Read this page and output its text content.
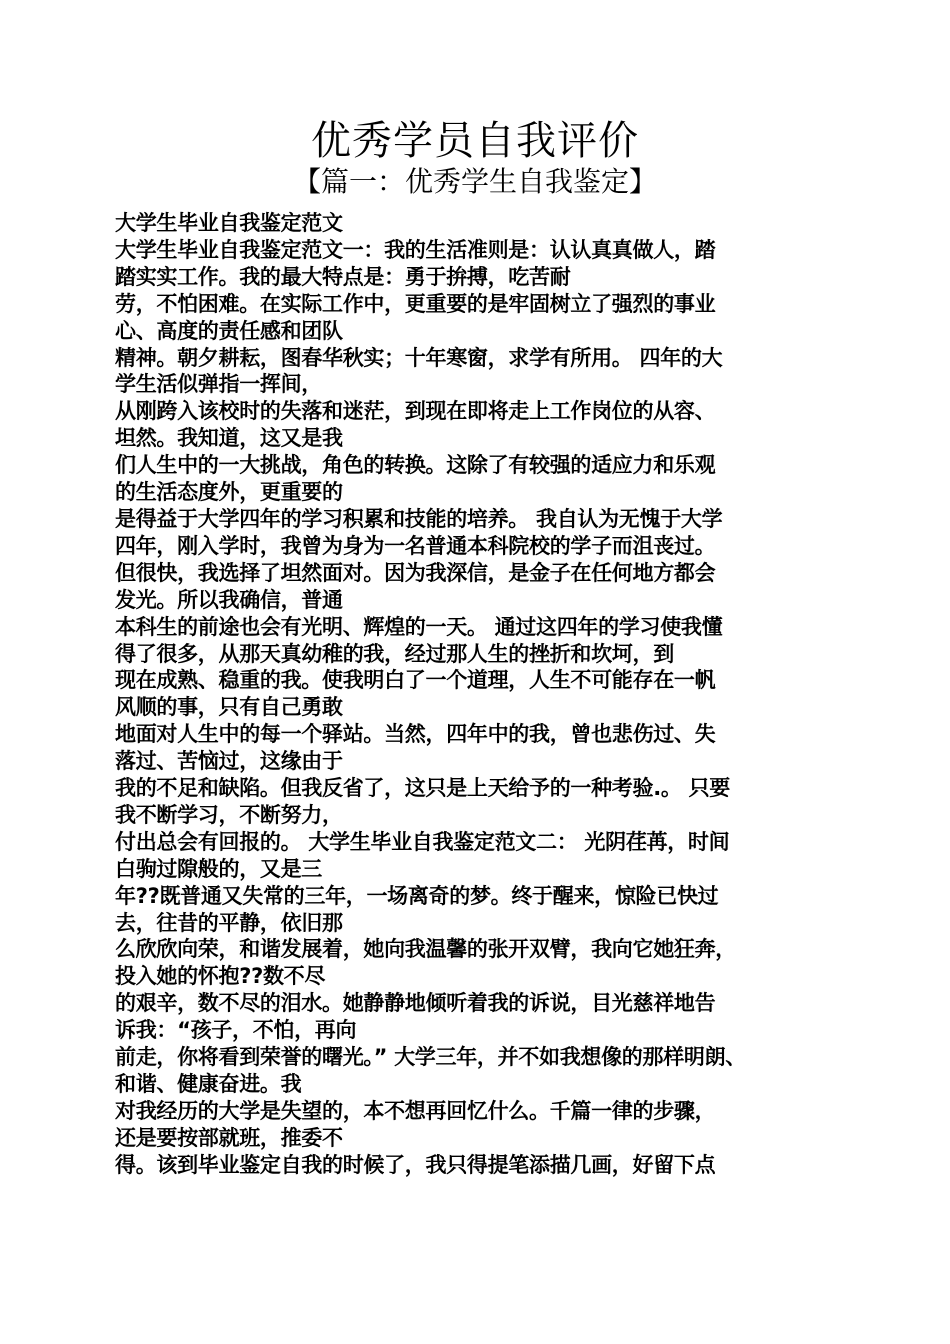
优秀学员自我评价
【篇一：优秀学生自我鉴定】
大学生毕业自我鉴定范文
大学生毕业自我鉴定范文一：我的生活准则是：认认真真做人，踏
踏实实工作。我的最大特点是：勇于拚搏，吃苦耐
劳，不怕困难。在实际工作中，更重要的是牢固树立了强烈的事业
心、高度的责任感和团队
精神。朝夕耕耘，图春华秋实；十年寒窗，求学有所用。 四年的大
学生活似弹指一挥间，
从刚跨入该校时的失落和迷茫，到现在即将走上工作岗位的从容、
坦然。我知道，这又是我
们人生中的一大挑战，角色的转换。这除了有较强的适应力和乐观
的生活态度外，更重要的
是得益于大学四年的学习积累和技能的培养。 我自认为无愧于大学
四年，刚入学时，我曾为身为一名普通本科院校的学子而沮丧过。
但很快，我选择了坦然面对。因为我深信，是金子在任何地方都会
发光。所以我确信，普通
本科生的前途也会有光明、辉煌的一天。 通过这四年的学习使我懂
得了很多，从那天真幼稚的我，经过那人生的挫折和坎坷，到
现在成熟、稳重的我。使我明白了一个道理，人生不可能存在一帆
风顺的事，只有自己勇敢
地面对人生中的每一个驿站。当然，四年中的我，曾也悲伤过、失
落过、苦恼过，这缘由于
我的不足和缺陷。但我反省了，这只是上天给予的一种考验.。 只要
我不断学习，不断努力，
付出总会有回报的。 大学生毕业自我鉴定范文二： 光阴荏苒，时间
白驹过隙般的，又是三
年??既普通又失常的三年，一场离奇的梦。终于醒来，惊险已快过
去，往昔的平静，依旧那
么欣欣向荣，和谐发展着，她向我温馨的张开双臂，我向它她狂奔，
投入她的怀抱??数不尽
的艰辛，数不尽的泪水。她静静地倾听着我的诉说，目光慈祥地告
诉我：“孩子，不怕，再向
前走，你将看到荣誉的曙光。” 大学三年，并不如我想像的那样明朗、
和谐、健康奋进。我
对我经历的大学是失望的，本不想再回忆什么。千篇一律的步骤，
还是要按部就班，推委不
得。该到毕业鉴定自我的时候了，我只得提笔添描几画，好留下点
